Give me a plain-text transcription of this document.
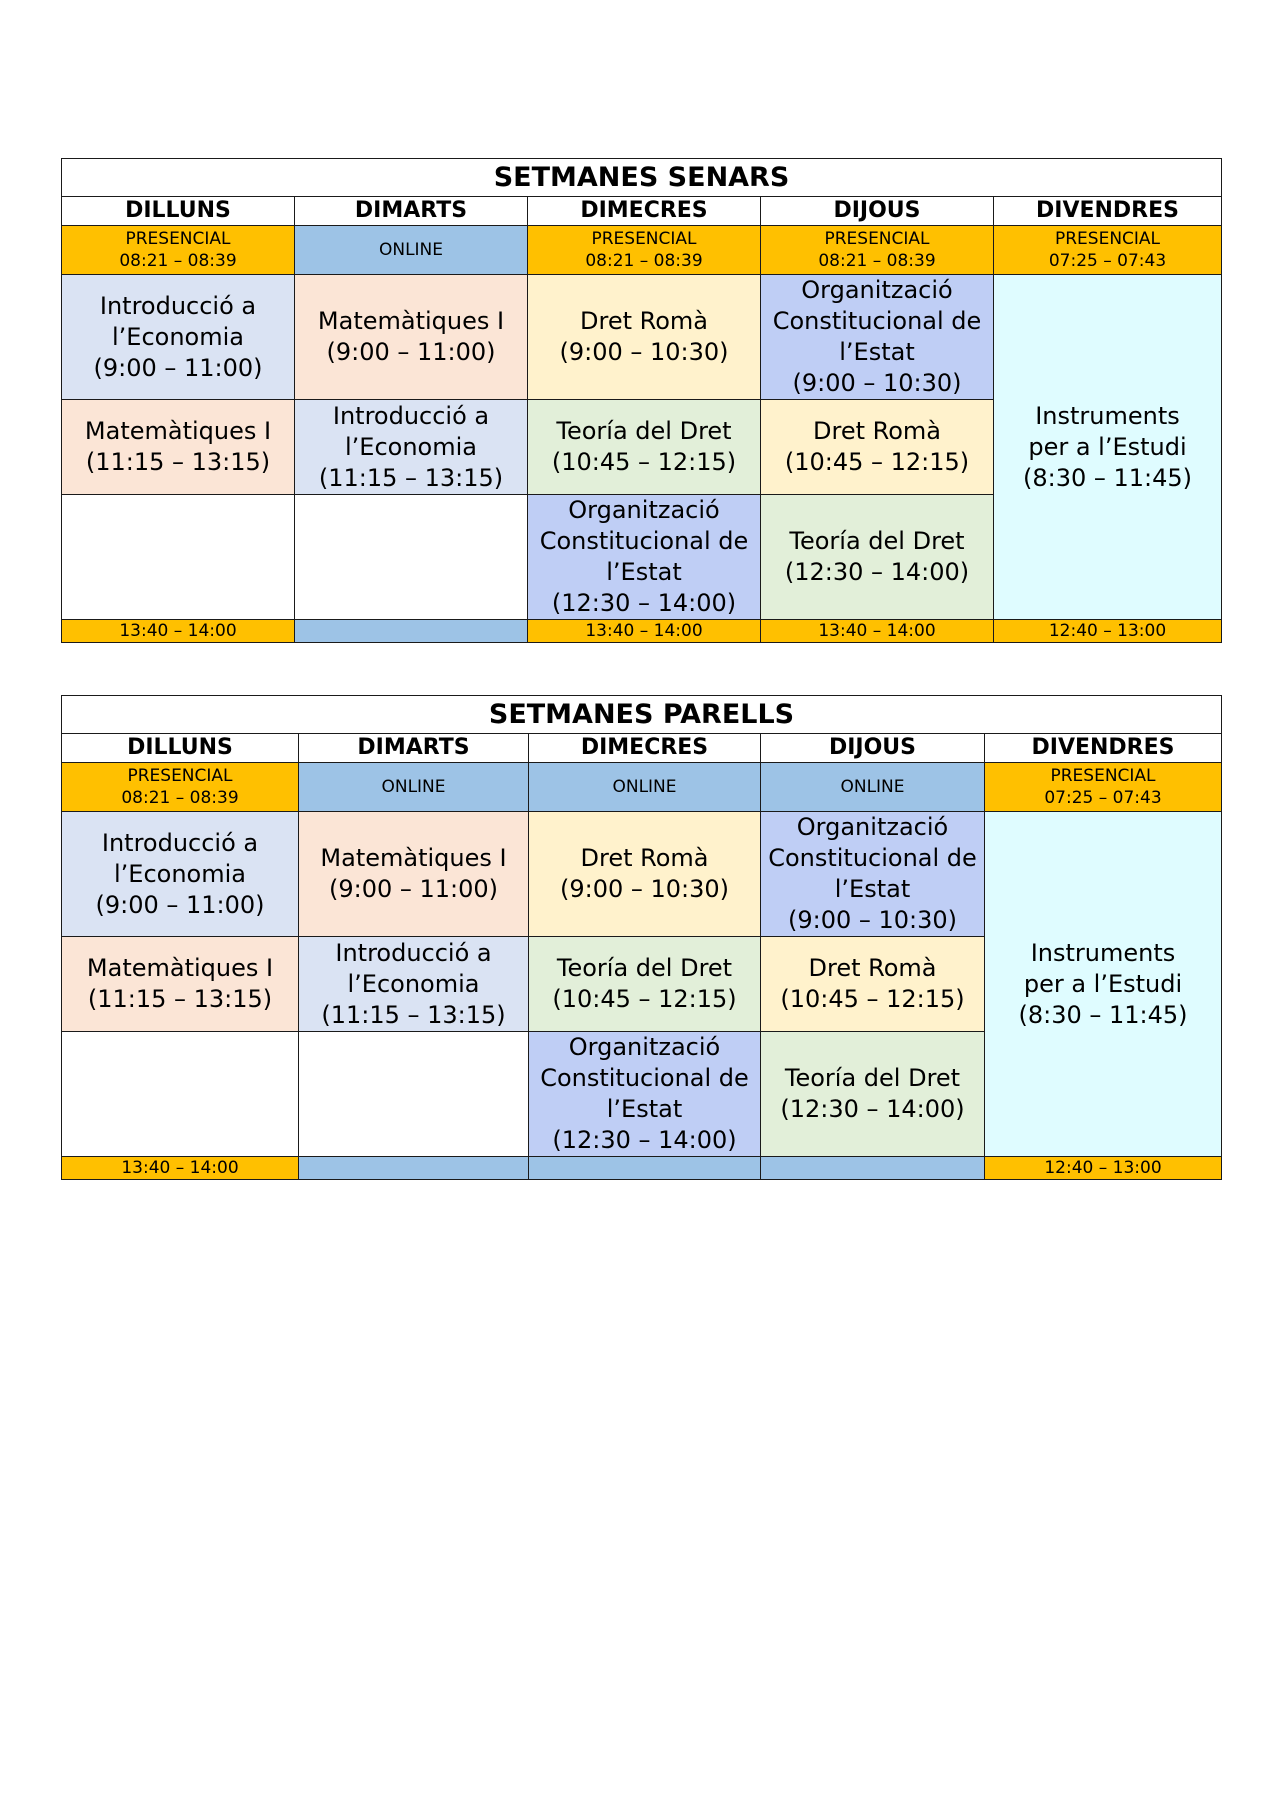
SETMANES SENARS				
DILLUNS	DIMARTS	DIMECRES	DIJOUS	DIVENDRES

PRESENCIAL
08:21 – 08:39	ONLINE	PRESENCIAL
08:21 – 08:39	PRESENCIAL
08:21 – 08:39	PRESENCIAL
07:25 – 07:43

Introducció a
l’Economia
(9:00 – 11:00)	Matemàtiques I
(9:00 – 11:00)	Dret Romà
(9:00 – 10:30)	Organització
Constitucional de
l’Estat
(9:00 – 10:30)	Instruments
per a l’Estudi
(8:30 – 11:45)

Matemàtiques I
(11:15 – 13:15)	Introducció a
l’Economia
(11:15 – 13:15)	Teoría del Dret
(10:45 – 12:15)	Dret Romà
(10:45 – 12:15)	

		Organització
Constitucional de
l’Estat
(12:30 – 14:00)	Teoría del Dret
(12:30 – 14:00)	

13:40 – 14:00		13:40 – 14:00	13:40 – 14:00	12:40 – 13:00
SETMANES PARELLS				
DILLUNS	DIMARTS	DIMECRES	DIJOUS	DIVENDRES

PRESENCIAL
08:21 – 08:39	ONLINE	ONLINE	ONLINE	PRESENCIAL
07:25 – 07:43

Introducció a
l’Economia
(9:00 – 11:00)	Matemàtiques I
(9:00 – 11:00)	Dret Romà
(9:00 – 10:30)	Organització
Constitucional de
l’Estat
(9:00 – 10:30)	Instruments
per a l’Estudi
(8:30 – 11:45)

Matemàtiques I
(11:15 – 13:15)	Introducció a
l’Economia
(11:15 – 13:15)	Teoría del Dret
(10:45 – 12:15)	Dret Romà
(10:45 – 12:15)	

		Organització
Constitucional de
l’Estat
(12:30 – 14:00)	Teoría del Dret
(12:30 – 14:00)	

13:40 – 14:00				12:40 – 13:00
